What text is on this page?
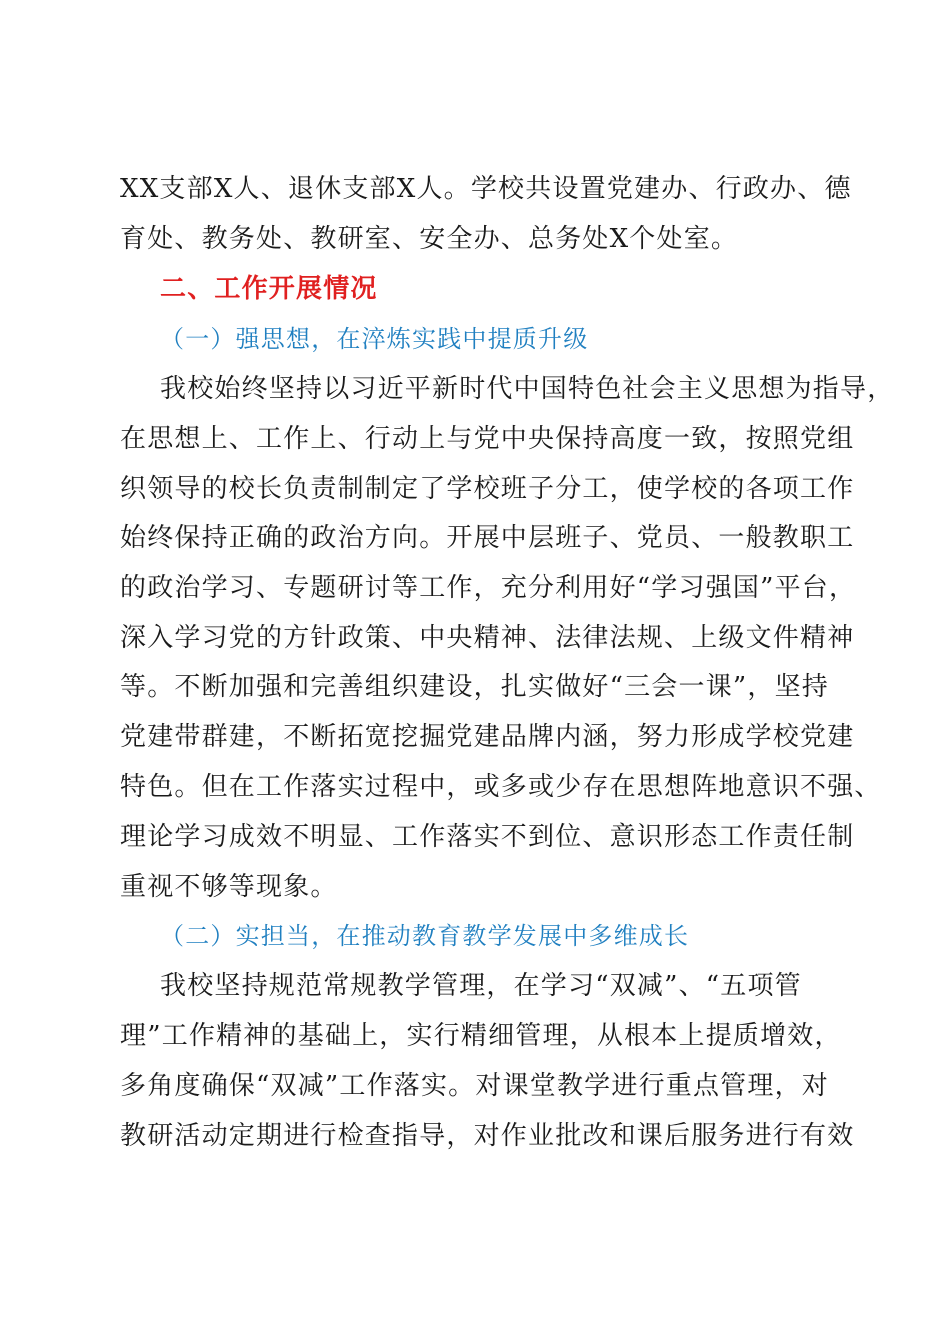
XX支部X人、退休支部X人。学校共设置党建办、行政办、德
育处、教务处、教研室、安全办、总务处X个处室。
二、工作开展情况
（一）强思想，在淬炼实践中提质升级
我校始终坚持以习近平新时代中国特色社会主义思想为指导，
在思想上、工作上、行动上与党中央保持高度一致，按照党组
织领导的校长负责制制定了学校班子分工，使学校的各项工作
始终保持正确的政治方向。开展中层班子、党员、一般教职工
的政治学习、专题研讨等工作，充分利用好“学习强国”平台，
深入学习党的方针政策、中央精神、法律法规、上级文件精神
等。不断加强和完善组织建设，扎实做好“三会一课”，坚持
党建带群建，不断拓宽挖掘党建品牌内涵，努力形成学校党建
特色。但在工作落实过程中，或多或少存在思想阵地意识不强、
理论学习成效不明显、工作落实不到位、意识形态工作责任制
重视不够等现象。
（二）实担当，在推动教育教学发展中多维成长
我校坚持规范常规教学管理，在学习“双减”、“五项管
理”工作精神的基础上，实行精细管理，从根本上提质增效，
多角度确保“双减”工作落实。对课堂教学进行重点管理，对
教研活动定期进行检查指导，对作业批改和课后服务进行有效
